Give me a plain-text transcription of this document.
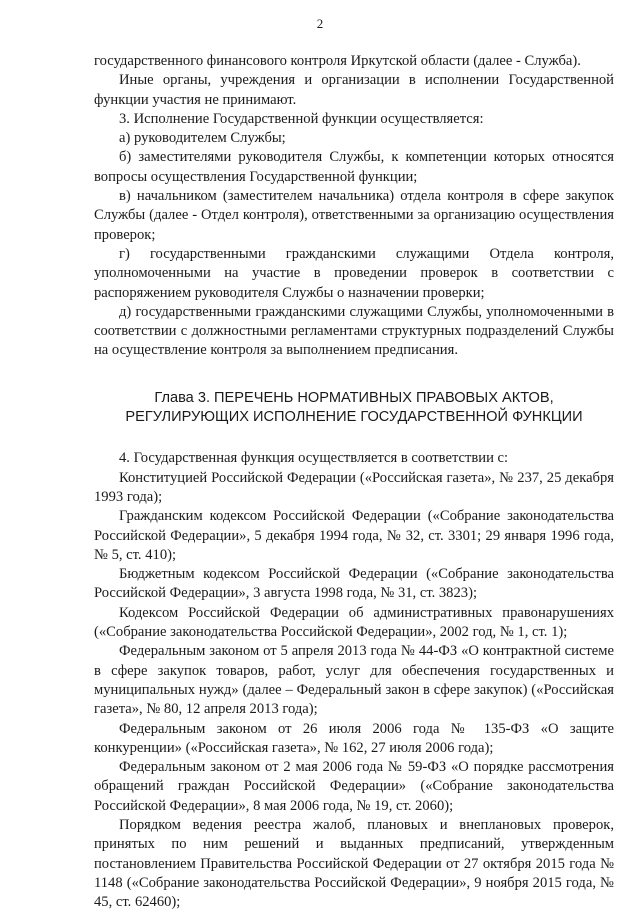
2

государственного финансового контроля Иркутской области (далее - Служба).

Иные органы, учреждения и организации в исполнении Государственной функции участия не принимают.

3. Исполнение Государственной функции осуществляется:

а) руководителем Службы;

б) заместителями руководителя Службы, к компетенции которых относятся вопросы осуществления Государственной функции;

в) начальником (заместителем начальника) отдела контроля в сфере закупок Службы (далее - Отдел контроля), ответственными за организацию осуществления проверок;

г) государственными гражданскими служащими Отдела контроля, уполномоченными на участие в проведении проверок в соответствии с распоряжением руководителя Службы о назначении проверки;

д) государственными гражданскими служащими Службы, уполномоченными в соответствии с должностными регламентами структурных подразделений Службы на осуществление контроля за выполнением предписания.

Глава 3. ПЕРЕЧЕНЬ НОРМАТИВНЫХ ПРАВОВЫХ АКТОВ,
РЕГУЛИРУЮЩИХ ИСПОЛНЕНИЕ ГОСУДАРСТВЕННОЙ ФУНКЦИИ

4. Государственная функция осуществляется в соответствии с:

Конституцией Российской Федерации («Российская газета», № 237, 25 декабря 1993 года);

Гражданским кодексом Российской Федерации («Собрание законодательства Российской Федерации», 5 декабря 1994 года, № 32, ст. 3301; 29 января 1996 года, № 5, ст. 410);

Бюджетным кодексом Российской Федерации («Собрание законодательства Российской Федерации», 3 августа 1998 года, № 31, ст. 3823);

Кодексом Российской Федерации об административных правонарушениях («Собрание законодательства Российской Федерации», 2002 год, № 1, ст. 1);

Федеральным законом от 5 апреля 2013 года № 44-ФЗ «О контрактной системе в сфере закупок товаров, работ, услуг для обеспечения государственных и муниципальных нужд» (далее – Федеральный закон в сфере закупок) («Российская газета», № 80, 12 апреля 2013 года);

Федеральным законом от 26 июля 2006 года № 135-ФЗ «О защите конкуренции» («Российская газета», № 162, 27 июля 2006 года);

Федеральным законом от 2 мая 2006 года № 59-ФЗ «О порядке рассмотрения обращений граждан Российской Федерации» («Собрание законодательства Российской Федерации», 8 мая 2006 года, № 19, ст. 2060);

Порядком ведения реестра жалоб, плановых и внеплановых проверок, принятых по ним решений и выданных предписаний, утвержденным постановлением Правительства Российской Федерации от 27 октября 2015 года № 1148 («Собрание законодательства Российской Федерации», 9 ноября 2015 года, № 45, ст. 62460);
